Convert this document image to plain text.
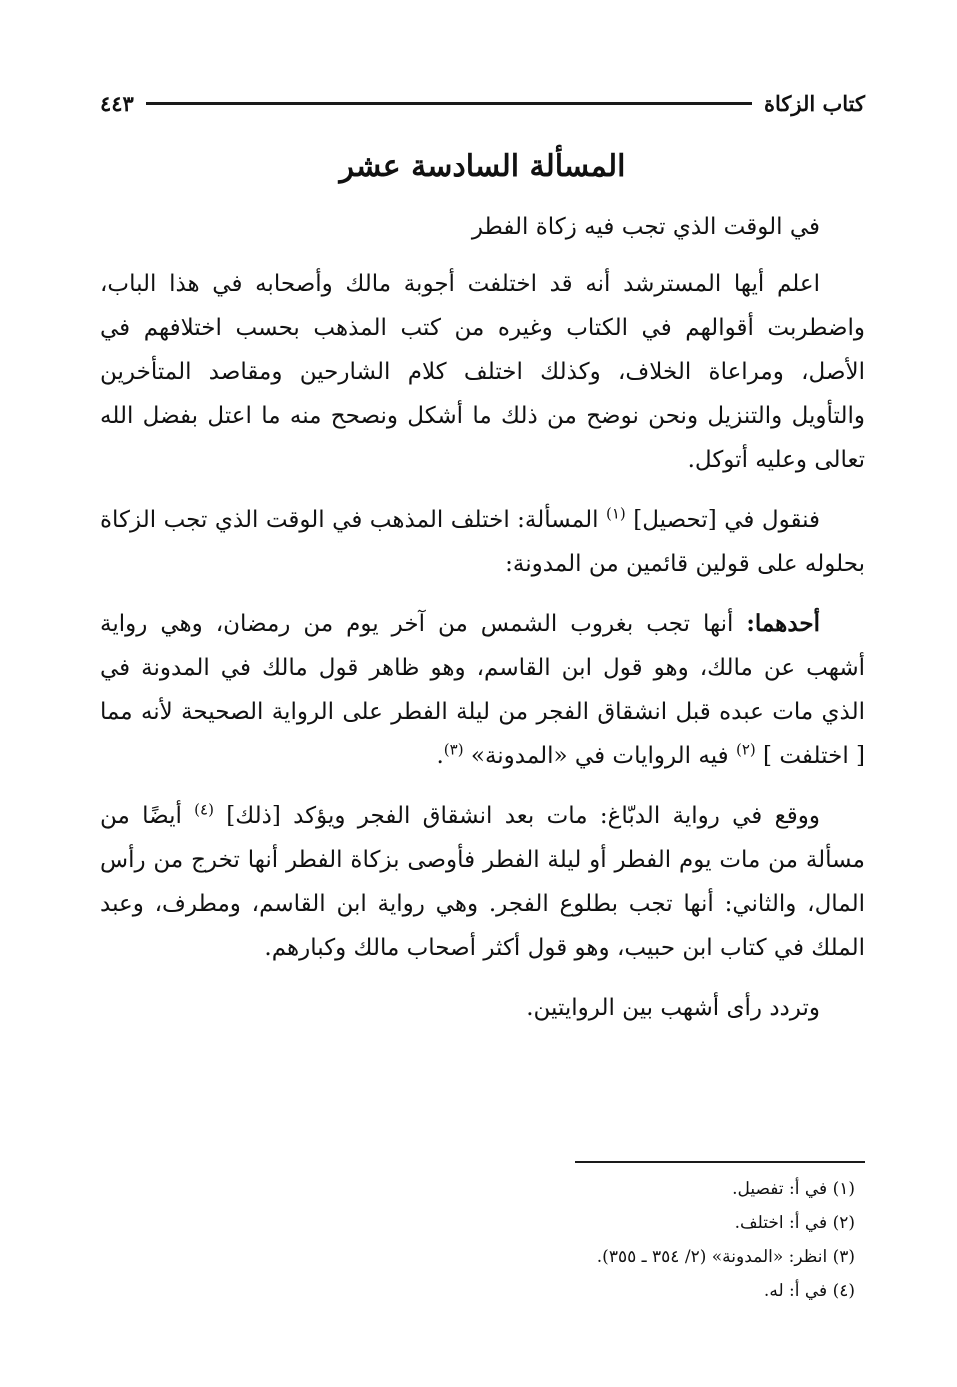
كتاب الزكاة
٤٤٣
المسألة السادسة عشر
في الوقت الذي تجب فيه زكاة الفطر

اعلم أيها المسترشد أنه قد اختلفت أجوبة مالك وأصحابه في هذا الباب، واضطربت أقوالهم في الكتاب وغيره من كتب المذهب بحسب اختلافهم في الأصل، ومراعاة الخلاف، وكذلك اختلف كلام الشارحين ومقاصد المتأخرين والتأويل والتنزيل ونحن نوضح من ذلك ما أشكل ونصحح منه ما اعتل بفضل الله تعالى وعليه أتوكل.

فنقول في [تحصيل] $^{(١)}$ المسألة: اختلف المذهب في الوقت الذي تجب الزكاة بحلوله على قولين قائمين من المدونة:

أحدهما: أنها تجب بغروب الشمس من آخر يوم من رمضان، وهي رواية أشهب عن مالك، وهو قول ابن القاسم، وهو ظاهر قول مالك في المدونة في الذي مات عبده قبل انشقاق الفجر من ليلة الفطر على الرواية الصحيحة لأنه مما [ اختلفت ] $^{(٢)}$ فيه الروايات في «المدونة» $^{(٣)}$.

ووقع في رواية الدبّاغ: مات بعد انشقاق الفجر ويؤكد [ذلك] $^{(٤)}$ أيضًا من مسألة من مات يوم الفطر أو ليلة الفطر فأوصى بزكاة الفطر أنها تخرج من رأس المال، والثاني: أنها تجب بطلوع الفجر. وهي رواية ابن القاسم، ومطرف، وعبد الملك في كتاب ابن حبيب، وهو قول أكثر أصحاب مالك وكبارهم.

وتردد رأى أشهب بين الروايتين.

(١) في أ: تفصيل.
(٢) في أ: اختلف.
(٣) انظر: «المدونة» (٢/ ٣٥٤ ـ ٣٥٥).
(٤) في أ: له.
